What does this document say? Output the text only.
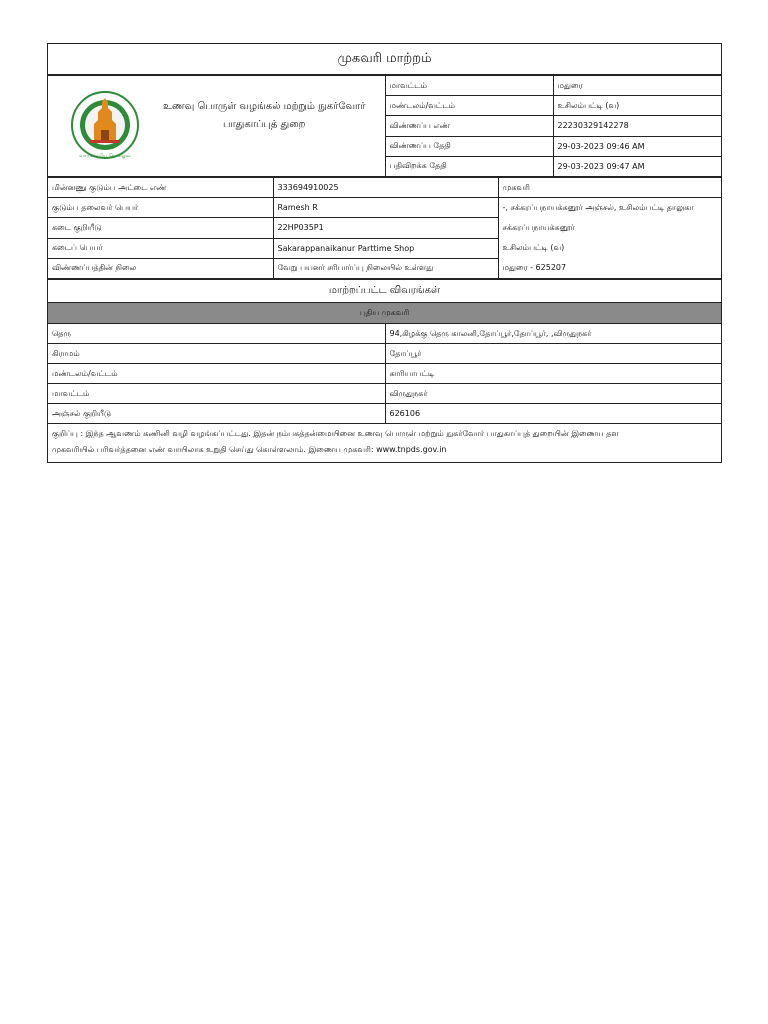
முகவரி மாற்றம்
வாய்மையே வெல்லும்
உணவு பொருள் வழங்கல் மற்றும் நுகர்வோர்
பாதுகாப்புத் துறை	மாவட்டம்	மதுரை
	மண்டலம்/வட்டம்	உசிலம்பட்டி (வ)
	விண்ணப்ப எண்	22230329142278
	விண்ணப்ப தேதி	29-03-2023 09:46 AM
	பதிவிறக்க தேதி	29-03-2023 09:47 AM
மின்னணு குடும்ப அட்டை எண்	333694910025	முகவரி
குடும்ப தலைவர் பெயர்	Ramesh R	-, சக்கரப்பநாயக்கனூர் அஞ்சல், உசிலம்பட்டி தாலுகா
சக்கரப்பநாயக்கனூர்
உசிலம்பட்டி (வ)
மதுரை - 625207

கடை குறியீடு	22HP035P1	
கடைப் பெயர்	Sakarappanaikanur Parttime Shop	
விண்ணப்பத்தின் நிலை	வேறு பயனர் சரிபார்ப்பு நிலையில் உள்ளது	
மாற்றப்பட்ட விவரங்கள்	
புதிய முகவரி	
தெரு	94,கிழக்கு தெரு காலனி,தோப்பூர்,தோப்பூர், ,விருதுநகர்
கிராமம்	தோப்பூர்
மண்டலம்/வட்டம்	காரியாபட்டி
மாவட்டம்	விருதுநகர்
அஞ்சல் குறியீடு	626106

குறிப்பு : இந்த ஆவணம் கணினி வழி வழங்கப்பட்டது. இதன் நம்பகத்தன்மையினை உணவு பொருள் மற்றும் நுகர்வோர் பாதுகாப்புத் துறையின் இணைய தள
முகவரியில் பரிவர்த்தனை எண் வாயிலாக உறுதி செய்து கொள்ளலாம். இணைய முகவரி: www.tnpds.gov.in	
